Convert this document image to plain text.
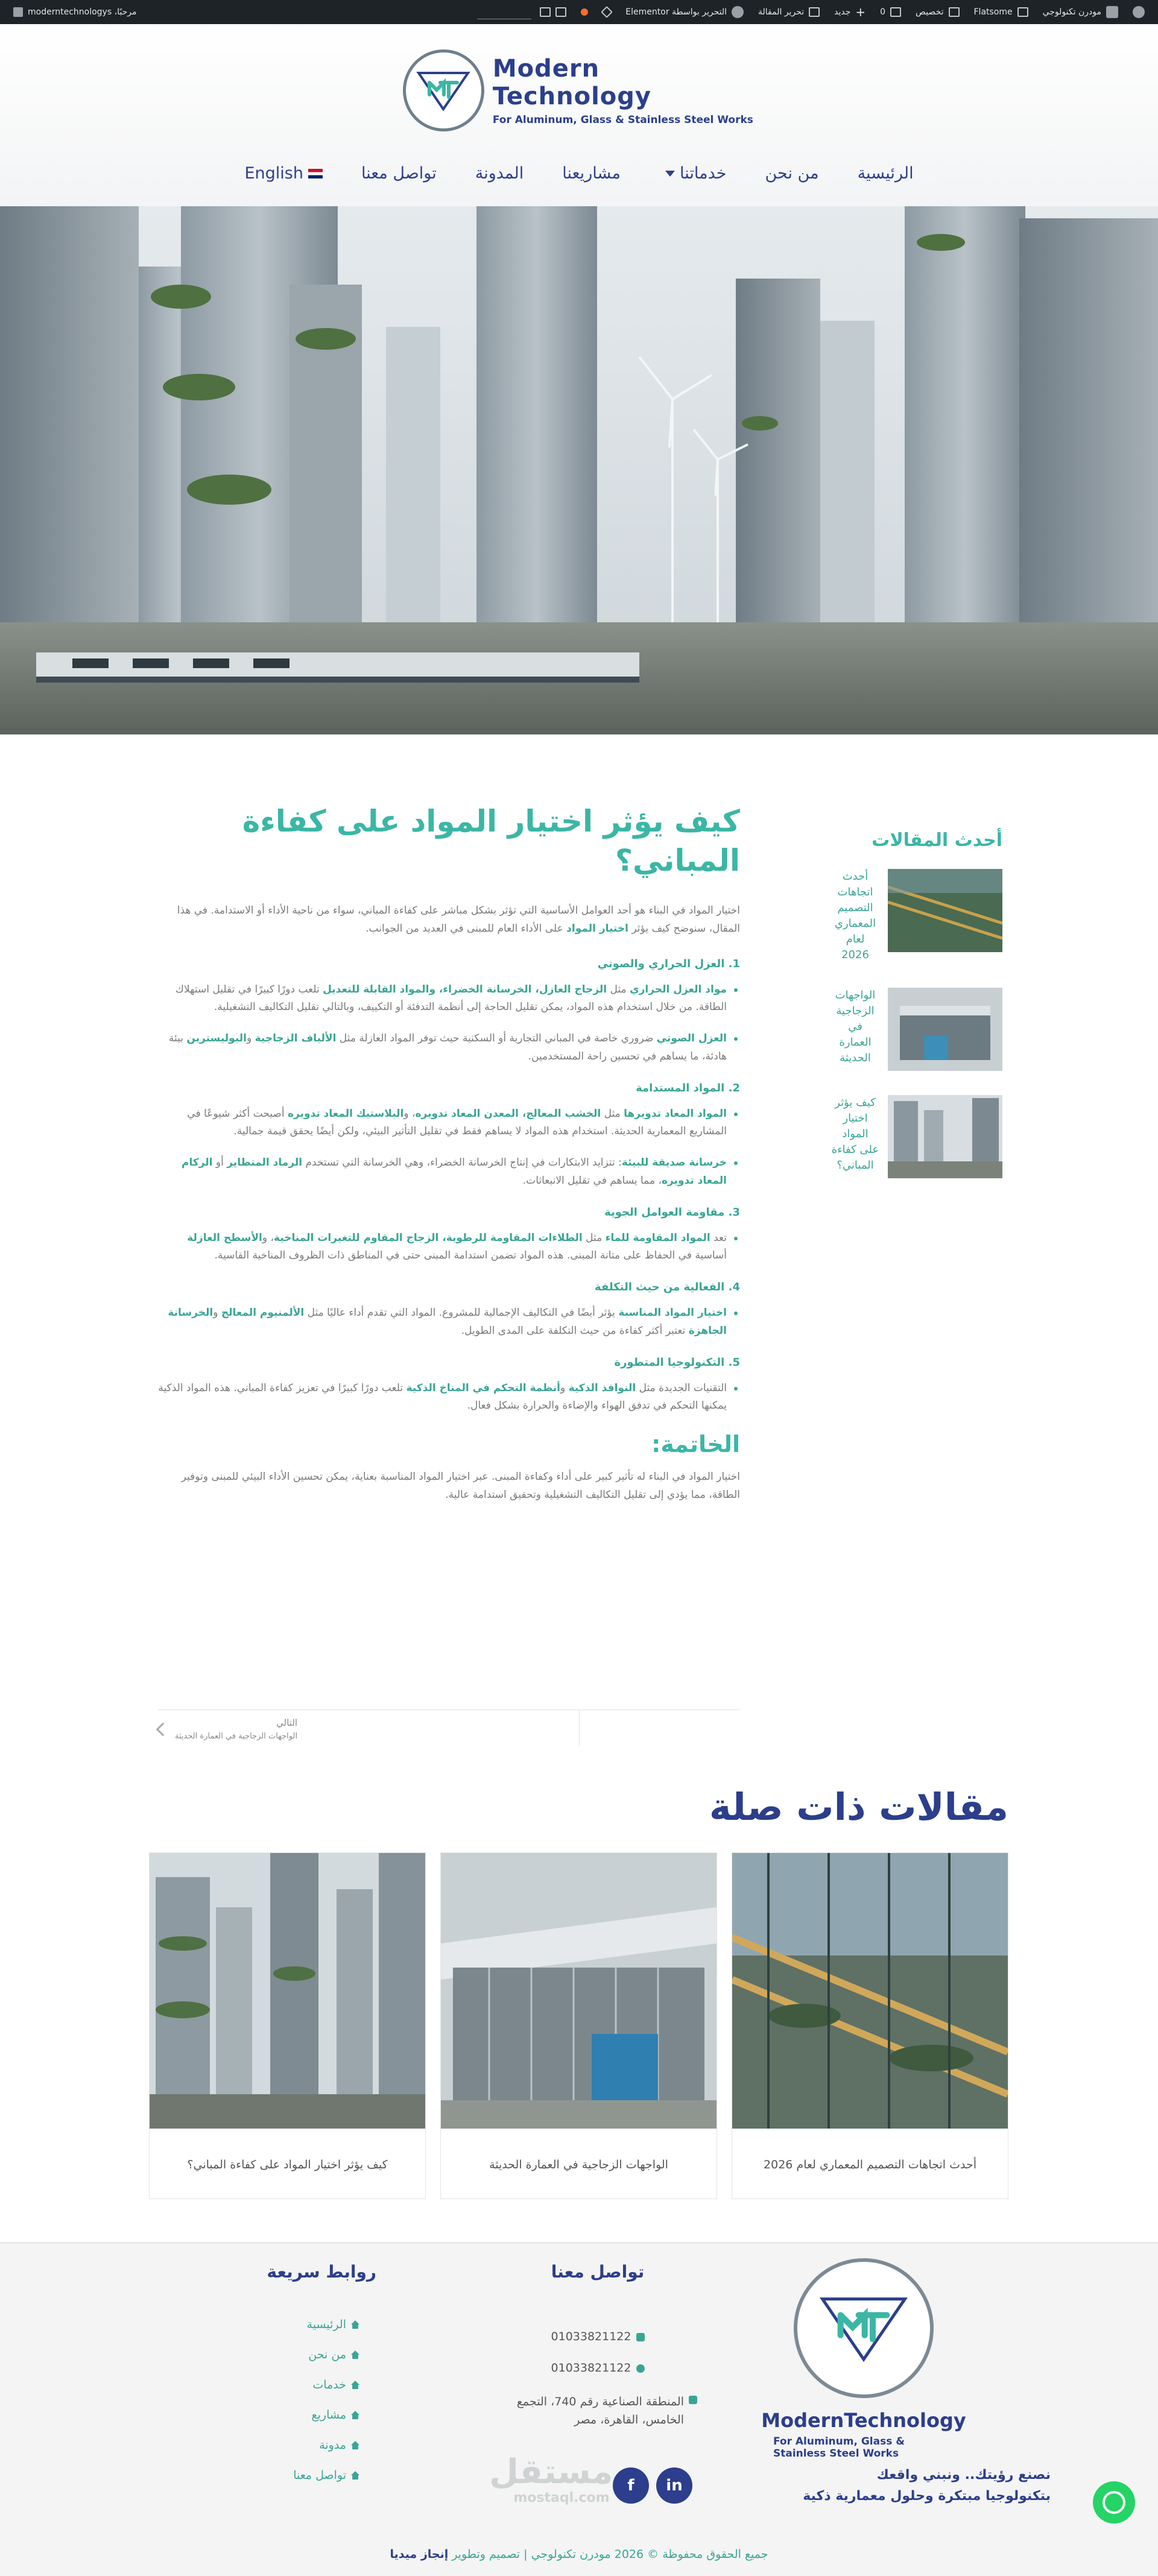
مودرن تكنولوجي
Flatsome
تخصيص
0
+
جديد
تحرير المقالة
التحرير بواسطة Elementor
مرحبًا، moderntechnologys
Modern Technology
For Aluminum, Glass & Stainless Steel Works
الرئيسية
من نحن
خدماتنا
مشاريعنا
المدونة
تواصل معنا
English
أحدث المقالات
أحدث اتجاهات التصميم المعماري لعام 2026
الواجهات الزجاجية في العمارة الحديثة
كيف يؤثر اختيار المواد على كفاءة المباني؟
كيف يؤثر اختيار المواد على كفاءة المباني؟

اختيار المواد في البناء هو أحد العوامل الأساسية التي تؤثر بشكل مباشر على كفاءة المباني، سواء من ناحية الأداء أو الاستدامة. في هذا المقال، سنوضح كيف يؤثر اختيار المواد على الأداء العام للمبنى في العديد من الجوانب.

1. العزل الحراري والصوتي
مواد العزل الحراري مثل الزجاج العازل، الخرسانة الخضراء، والمواد القابلة للتعديل تلعب دورًا كبيرًا في تقليل استهلاك الطاقة. من خلال استخدام هذه المواد، يمكن تقليل الحاجة إلى أنظمة التدفئة أو التكييف، وبالتالي تقليل التكاليف التشغيلية.
العزل الصوتي ضروري خاصة في المباني التجارية أو السكنية حيث توفر المواد العازلة مثل الألياف الزجاجية والبوليسترين بيئة هادئة، ما يساهم في تحسين راحة المستخدمين.
2. المواد المستدامة
المواد المعاد تدويرها مثل الخشب المعالج، المعدن المعاد تدويره، والبلاستيك المعاد تدويره أصبحت أكثر شيوعًا في المشاريع المعمارية الحديثة. استخدام هذه المواد لا يساهم فقط في تقليل التأثير البيئي، ولكن أيضًا يحقق قيمة جمالية.
خرسانة صديقة للبيئة: تتزايد الابتكارات في إنتاج الخرسانة الخضراء، وهي الخرسانة التي تستخدم الرماد المتطاير أو الركام المعاد تدويره، مما يساهم في تقليل الانبعاثات.
3. مقاومة العوامل الجوية
تعد المواد المقاومة للماء مثل الطلاءات المقاومة للرطوبة، الزجاج المقاوم للتغيرات المناخية، والأسطح العازلة أساسية في الحفاظ على متانة المبنى. هذه المواد تضمن استدامة المبنى حتى في المناطق ذات الظروف المناخية القاسية.
4. الفعالية من حيث التكلفة
اختيار المواد المناسبة يؤثر أيضًا في التكاليف الإجمالية للمشروع. المواد التي تقدم أداء عاليًا مثل الألمنيوم المعالج والخرسانة الجاهزة تعتبر أكثر كفاءة من حيث التكلفة على المدى الطويل.
5. التكنولوجيا المتطورة
التقنيات الجديدة مثل النوافذ الذكية وأنظمة التحكم في المناخ الذكية تلعب دورًا كبيرًا في تعزيز كفاءة المباني. هذه المواد الذكية يمكنها التحكم في تدفق الهواء والإضاءة والحرارة بشكل فعال.
الخاتمة:

اختيار المواد في البناء له تأثير كبير على أداء وكفاءة المبنى. عبر اختيار المواد المناسبة بعناية، يمكن تحسين الأداء البيئي للمبنى وتوفير الطاقة، مما يؤدي إلى تقليل التكاليف التشغيلية وتحقيق استدامة عالية.

التالي
الواجهات الزجاجية في العمارة الحديثة
مقالات ذات صلة
أحدث اتجاهات التصميم المعماري لعام 2026
الواجهات الزجاجية في العمارة الحديثة
كيف يؤثر اختيار المواد على كفاءة المباني؟
ModernTechnology
For Aluminum, Glass & Stainless Steel Works
نصنع رؤيتك.. ونبني واقعك
بتكنولوجيا مبتكرة وحلول معمارية ذكية
تواصل معنا
01033821122
01033821122
المنطقة الصناعية رقم 740، التجمع الخامس، القاهرة، مصر
روابط سريعة
الرئيسية
من نحن
خدمات
مشاريع
مدونة
تواصل معنا	مستقل
mostaql.com
in
f
جميع الحقوق محفوظة © 2026 مودرن تكنولوجي | تصميم وتطوير إنجاز ميديا
